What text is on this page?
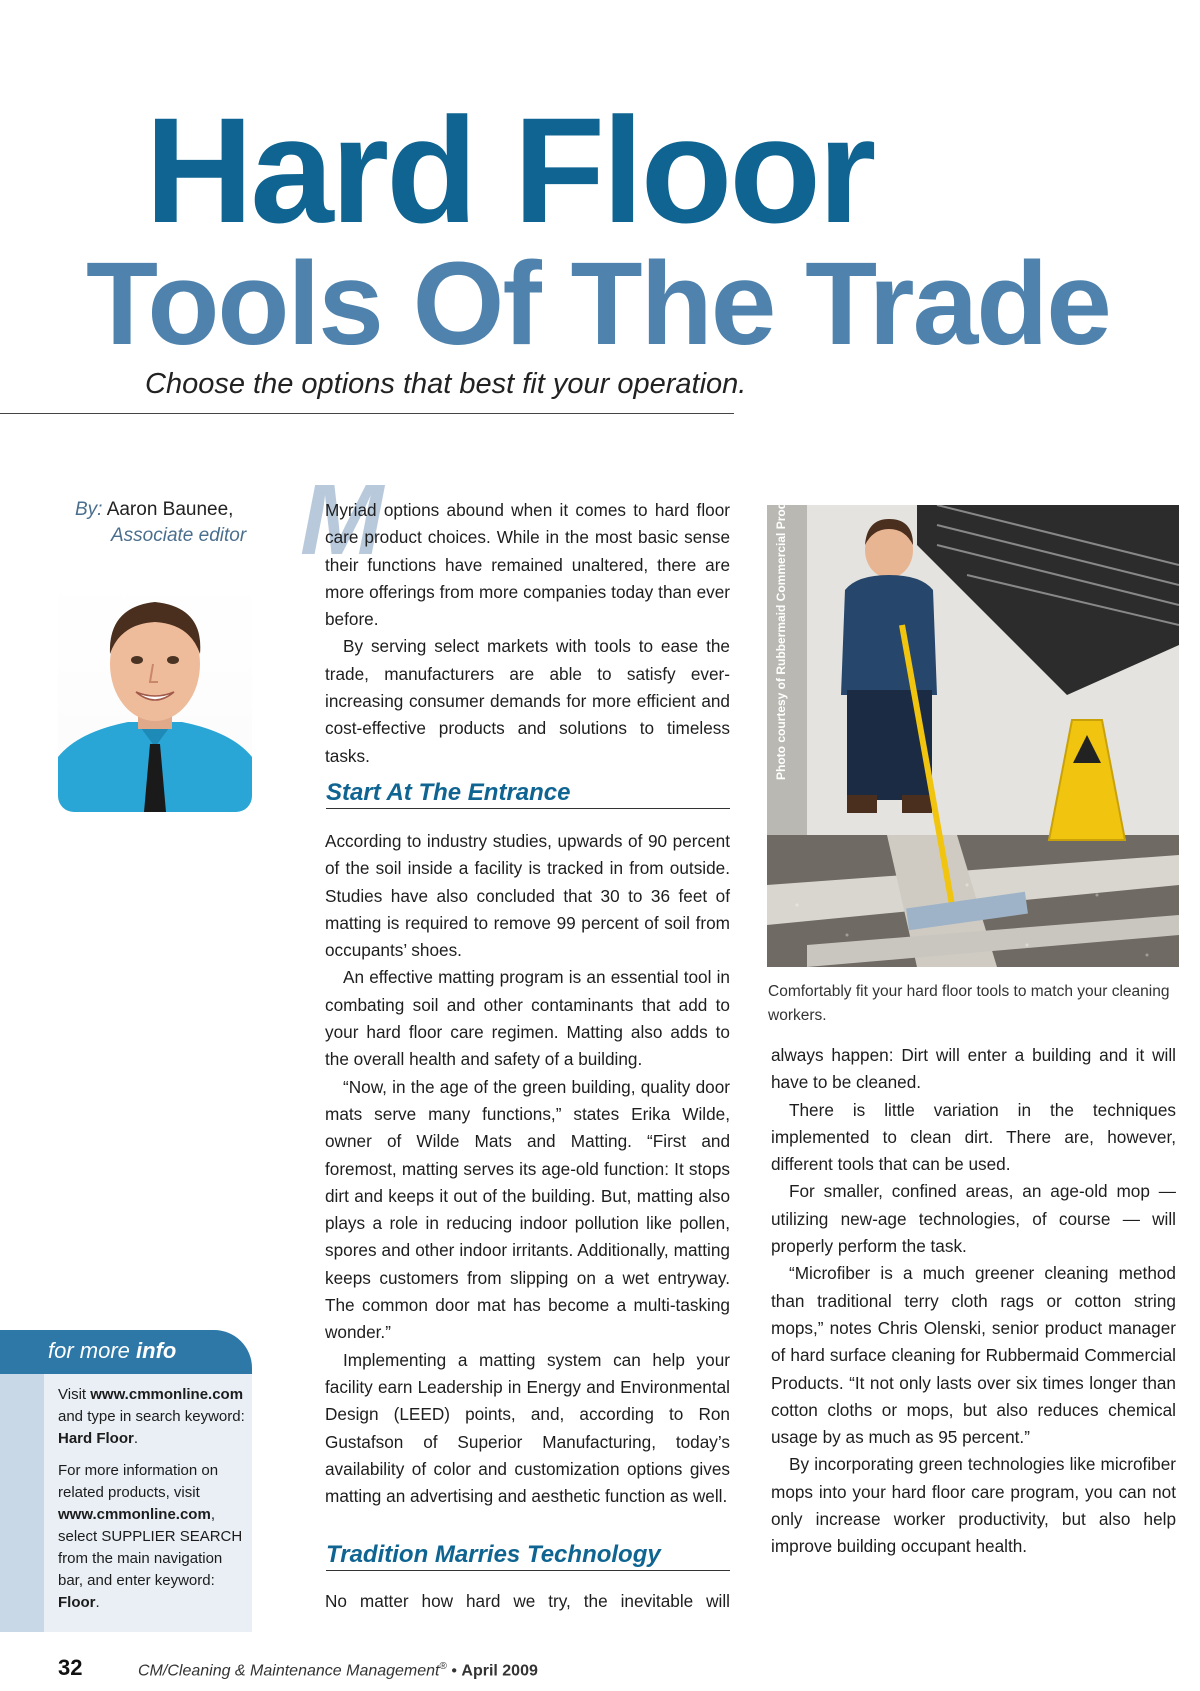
Hard Floor
Tools Of The Trade
Choose the options that best fit your operation.
By: Aaron Baunee,
Associate editor M

Myriad options abound when it comes to hard floor care product choices. While in the most basic sense their functions have remained unaltered, there are more offerings from more companies today than ever before.

By serving select markets with tools to ease the trade, manufacturers are able to satisfy ever-increasing consumer demands for more efficient and cost-effective products and solutions to timeless tasks.

Start At The Entrance

According to industry studies, upwards of 90 percent of the soil inside a facility is tracked in from outside. Studies have also concluded that 30 to 36 feet of matting is required to remove 99 percent of soil from occupants’ shoes.

An effective matting program is an essential tool in combating soil and other contaminants that add to your hard floor care regimen. Matting also adds to the overall health and safety of a building.

“Now, in the age of the green building, quality door mats serve many functions,” states Erika Wilde, owner of Wilde Mats and Matting. “First and foremost, matting serves its age-old function: It stops dirt and keeps it out of the building. But, matting also plays a role in reducing indoor pollution like pollen, spores and other indoor irritants. Additionally, matting keeps customers from slipping on a wet entryway. The common door mat has become a multi-tasking wonder.”

Implementing a matting system can help your facility earn Leadership in Energy and Environmental Design (LEED) points, and, according to Ron Gustafson of Superior Manufacturing, today’s availability of color and customization options gives matting an advertising and aesthetic function as well.

Tradition Marries Technology

No matter how hard we try, the inevitable will

Photo courtesy of Rubbermaid Commercial Products
Comfortably fit your hard floor tools to match your cleaning workers.

always happen: Dirt will enter a building and it will have to be cleaned.

There is little variation in the techniques implemented to clean dirt. There are, however, different tools that can be used.

For smaller, confined areas, an age-old mop — utilizing new-age technologies, of course — will properly perform the task.

“Microfiber is a much greener cleaning method than traditional terry cloth rags or cotton string mops,” notes Chris Olenski, senior product manager of hard surface cleaning for Rubbermaid Commercial Products. “It not only lasts over six times longer than cotton cloths or mops, but also reduces chemical usage by as much as 95 percent.”

By incorporating green technologies like microfiber mops into your hard floor care program, you can not only increase worker productivity, but also help improve building occupant health.

for more info

Visit www.cmmonline.com and type in search keyword: Hard Floor.

For more information on related products, visit www.cmmonline.com, select SUPPLIER SEARCH from the main navigation bar, and enter keyword: Floor.

32	CM/Cleaning & Maintenance Management® • April 2009
